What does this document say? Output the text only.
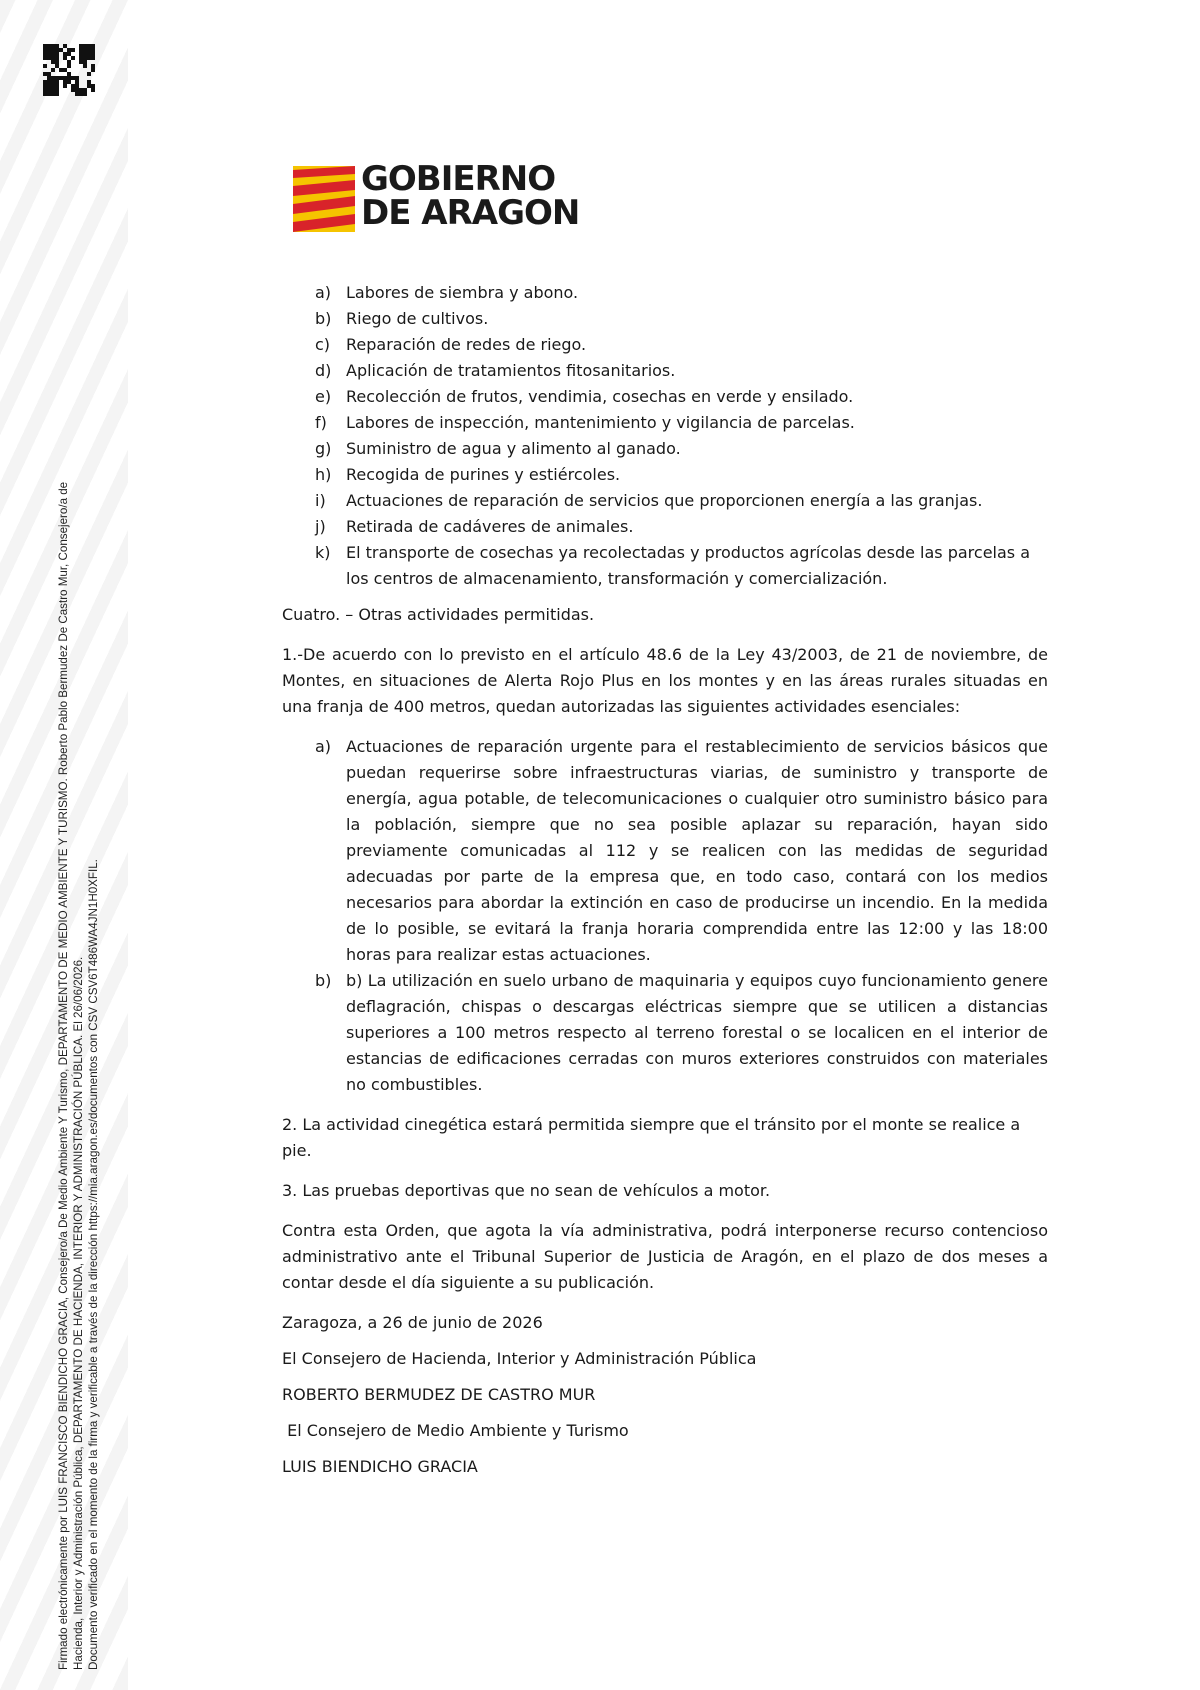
Firmado electrónicamente por LUIS FRANCISCO BIENDICHO GRACIA, Consejero/a De Medio Ambiente Y Turismo, DEPARTAMENTO DE MEDIO AMBIENTE Y TURISMO. Roberto Pablo Bermudez De Castro Mur, Consejero/a de Hacienda, Interior y Administración Pública, DEPARTAMENTO DE HACIENDA, INTERIOR Y ADMINISTRACIÓN PÚBLICA. El 26/06/2026. Documento verificado en el momento de la firma y verificable a través de la dirección https://mia.aragon.es/documentos con CSV CSV6T486WA4JN1H0XFIL.
GOBIERNO
DE ARAGON
a) Labores de siembra y abono.
b) Riego de cultivos.
c) Reparación de redes de riego.
d) Aplicación de tratamientos fitosanitarios.
e) Recolección de frutos, vendimia, cosechas en verde y ensilado.
f) Labores de inspección, mantenimiento y vigilancia de parcelas.
g) Suministro de agua y alimento al ganado.
h) Recogida de purines y estiércoles.
i) Actuaciones de reparación de servicios que proporcionen energía a las granjas.
j) Retirada de cadáveres de animales.
k) El transporte de cosechas ya recolectadas y productos agrícolas desde las parcelas a los centros de almacenamiento, transformación y comercialización.

Cuatro. – Otras actividades permitidas.

1.-De acuerdo con lo previsto en el artículo 48.6 de la Ley 43/2003, de 21 de noviembre, de Montes, en situaciones de Alerta Rojo Plus en los montes y en las áreas rurales situadas en una franja de 400 metros, quedan autorizadas las siguientes actividades esenciales:

a) Actuaciones de reparación urgente para el restablecimiento de servicios básicos que puedan requerirse sobre infraestructuras viarias, de suministro y transporte de energía, agua potable, de telecomunicaciones o cualquier otro suministro básico para la población, siempre que no sea posible aplazar su reparación, hayan sido previamente comunicadas al 112 y se realicen con las medidas de seguridad adecuadas por parte de la empresa que, en todo caso, contará con los medios necesarios para abordar la extinción en caso de producirse un incendio. En la medida de lo posible, se evitará la franja horaria comprendida entre las 12:00 y las 18:00 horas para realizar estas actuaciones.
b) b) La utilización en suelo urbano de maquinaria y equipos cuyo funcionamiento genere deflagración, chispas o descargas eléctricas siempre que se utilicen a distancias superiores a 100 metros respecto al terreno forestal o se localicen en el interior de estancias de edificaciones cerradas con muros exteriores construidos con materiales no combustibles.

2. La actividad cinegética estará permitida siempre que el tránsito por el monte se realice a pie.

3. Las pruebas deportivas que no sean de vehículos a motor.

Contra esta Orden, que agota la vía administrativa, podrá interponerse recurso contencioso administrativo ante el Tribunal Superior de Justicia de Aragón, en el plazo de dos meses a contar desde el día siguiente a su publicación.

Zaragoza, a 26 de junio de 2026

El Consejero de Hacienda, Interior y Administración Pública

ROBERTO BERMUDEZ DE CASTRO MUR

El Consejero de Medio Ambiente y Turismo

LUIS BIENDICHO GRACIA
